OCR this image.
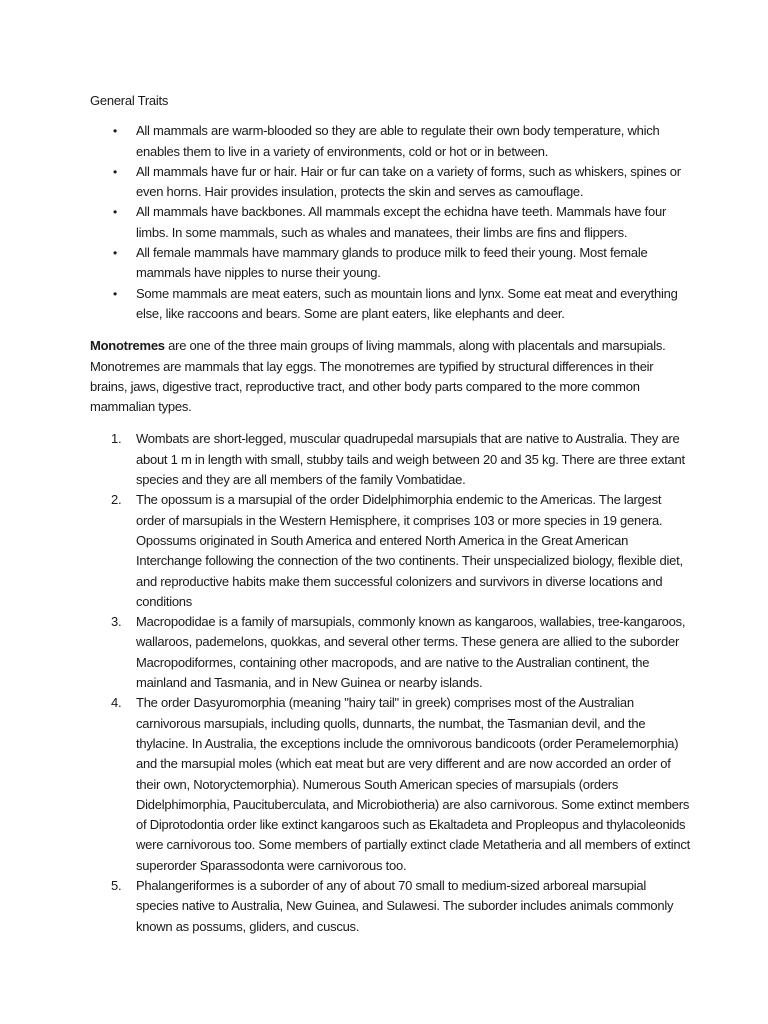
General Traits

• All mammals are warm-blooded so they are able to regulate their own body temperature, which enables them to live in a variety of environments, cold or hot or in between.
• All mammals have fur or hair. Hair or fur can take on a variety of forms, such as whiskers, spines or even horns. Hair provides insulation, protects the skin and serves as camouflage.
• All mammals have backbones. All mammals except the echidna have teeth. Mammals have four limbs. In some mammals, such as whales and manatees, their limbs are fins and flippers.
• All female mammals have mammary glands to produce milk to feed their young. Most female mammals have nipples to nurse their young.
• Some mammals are meat eaters, such as mountain lions and lynx. Some eat meat and everything else, like raccoons and bears. Some are plant eaters, like elephants and deer.

Monotremes are one of the three main groups of living mammals, along with placentals and marsupials. Monotremes are mammals that lay eggs. The monotremes are typified by structural differences in their brains, jaws, digestive tract, reproductive tract, and other body parts compared to the more common mammalian types.

1. Wombats are short-legged, muscular quadrupedal marsupials that are native to Australia. They are about 1 m in length with small, stubby tails and weigh between 20 and 35 kg. There are three extant species and they are all members of the family Vombatidae.
2. The opossum is a marsupial of the order Didelphimorphia endemic to the Americas. The largest order of marsupials in the Western Hemisphere, it comprises 103 or more species in 19 genera. Opossums originated in South America and entered North America in the Great American Interchange following the connection of the two continents. Their unspecialized biology, flexible diet, and reproductive habits make them successful colonizers and survivors in diverse locations and conditions
3. Macropodidae is a family of marsupials, commonly known as kangaroos, wallabies, tree-kangaroos, wallaroos, pademelons, quokkas, and several other terms. These genera are allied to the suborder Macropodiformes, containing other macropods, and are native to the Australian continent, the mainland and Tasmania, and in New Guinea or nearby islands.
4. The order Dasyuromorphia (meaning "hairy tail" in greek) comprises most of the Australian carnivorous marsupials, including quolls, dunnarts, the numbat, the Tasmanian devil, and the thylacine. In Australia, the exceptions include the omnivorous bandicoots (order Peramelemorphia) and the marsupial moles (which eat meat but are very different and are now accorded an order of their own, Notoryctemorphia). Numerous South American species of marsupials (orders Didelphimorphia, Paucituberculata, and Microbiotheria) are also carnivorous. Some extinct members of Diprotodontia order like extinct kangaroos such as Ekaltadeta and Propleopus and thylacoleonids were carnivorous too. Some members of partially extinct clade Metatheria and all members of extinct superorder Sparassodonta were carnivorous too.
5. Phalangeriformes is a suborder of any of about 70 small to medium-sized arboreal marsupial species native to Australia, New Guinea, and Sulawesi. The suborder includes animals commonly known as possums, gliders, and cuscus.
